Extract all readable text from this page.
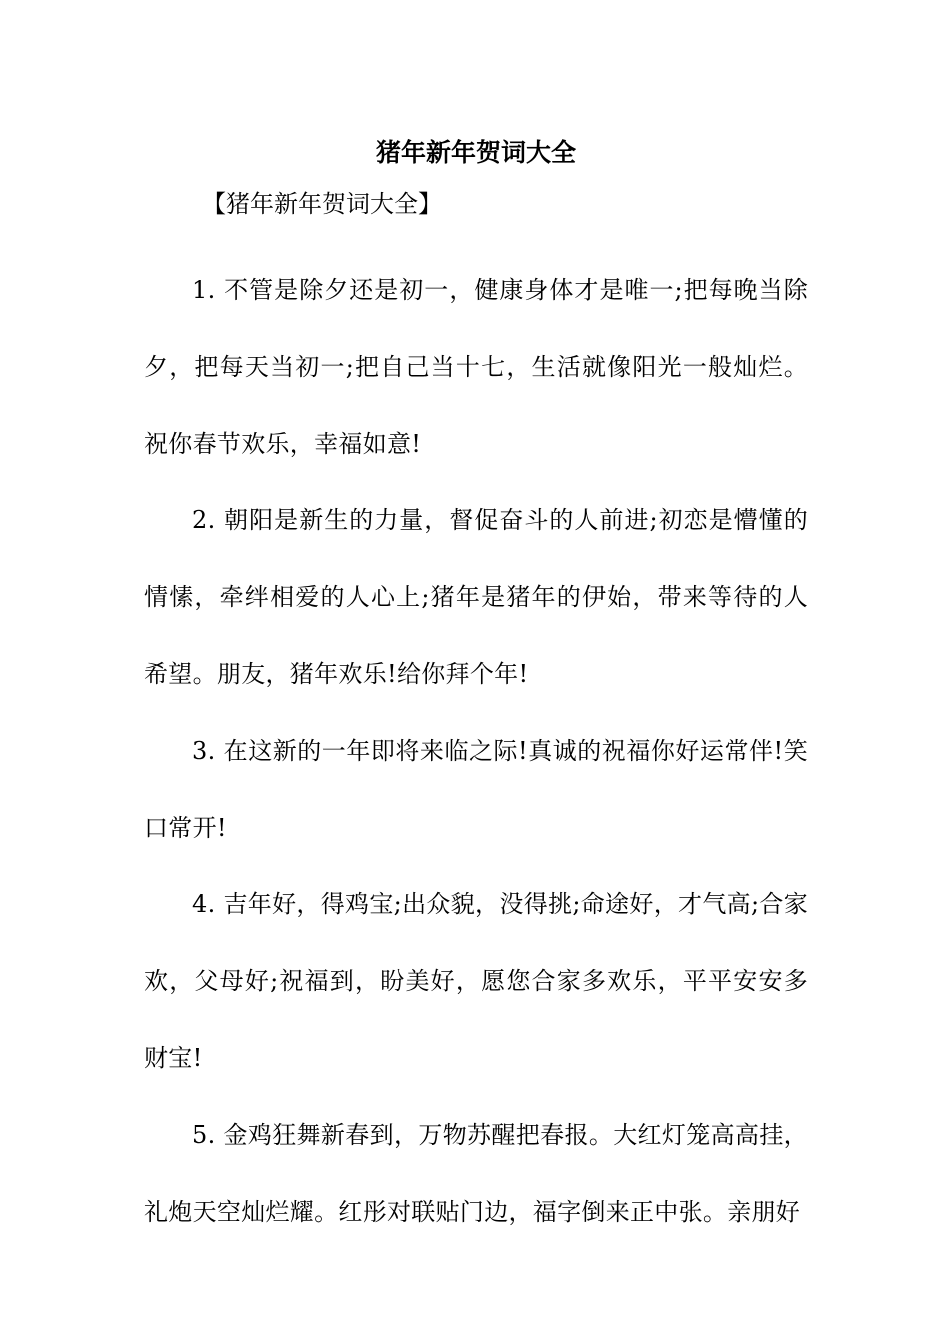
猪年新年贺词大全
【猪年新年贺词大全】

1. 不管是除夕还是初一，健康身体才是唯一;把每晚当除夕，把每天当初一;把自己当十七，生活就像阳光一般灿烂。祝你春节欢乐，幸福如意!

2. 朝阳是新生的力量，督促奋斗的人前进;初恋是懵懂的情愫，牵绊相爱的人心上;猪年是猪年的伊始，带来等待的人希望。朋友，猪年欢乐!给你拜个年!

3. 在这新的一年即将来临之际!真诚的祝福你好运常伴!笑口常开!

4. 吉年好，得鸡宝;出众貌，没得挑;命途好，才气高;合家欢，父母好;祝福到，盼美好，愿您合家多欢乐，平平安安多财宝!

5. 金鸡狂舞新春到，万物苏醒把春报。大红灯笼高高挂，礼炮天空灿烂耀。红彤对联贴门边，福字倒来正中张。亲朋好
